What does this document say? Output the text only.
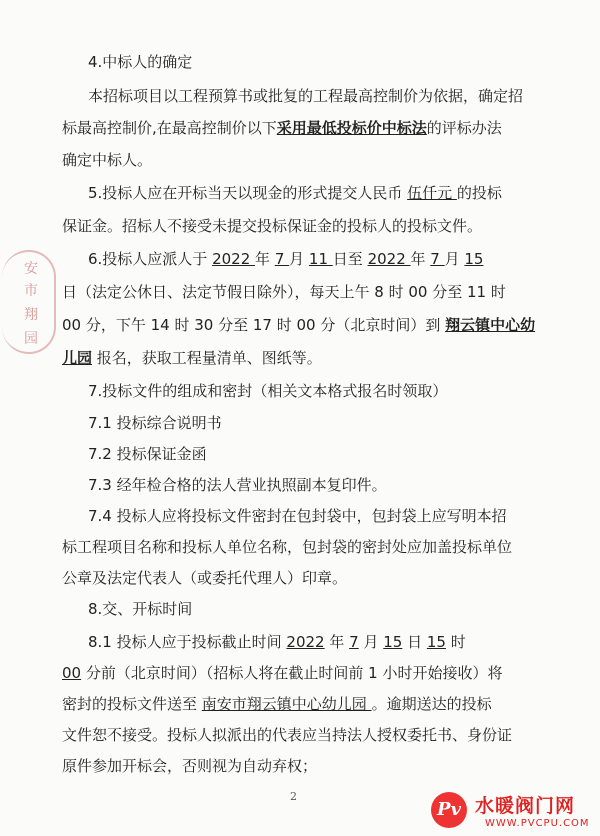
4.中标人的确定
本招标项目以工程预算书或批复的工程最高控制价为依据，确定招
标最高控制价,在最高控制价以下采用最低投标价中标法的评标办法
确定中标人。
5.投标人应在开标当天以现金的形式提交人民币 伍仟元 的投标
保证金。招标人不接受未提交投标保证金的投标人的投标文件。
6.投标人应派人于 2022 年 7 月 11 日至 2022 年 7 月 15
日（法定公休日、法定节假日除外），每天上午 8 时 00 分至 11 时
00 分，下午 14 时 30 分至 17 时 00 分（北京时间）到 翔云镇中心幼
儿园 报名，获取工程量清单、图纸等。
7.投标文件的组成和密封（相关文本格式报名时领取）
7.1 投标综合说明书
7.2 投标保证金函
7.3 经年检合格的法人营业执照副本复印件。
7.4 投标人应将投标文件密封在包封袋中，包封袋上应写明本招
标工程项目名称和投标人单位名称，包封袋的密封处应加盖投标单位
公章及法定代表人（或委托代理人）印章。
8.交、开标时间
8.1 投标人应于投标截止时间 2022 年 7 月 15 日 15 时
00 分前（北京时间）（招标人将在截止时间前 1 小时开始接收）将
密封的投标文件送至 南安市翔云镇中心幼儿园 。逾期送达的投标
文件恕不接受。投标人拟派出的代表应当持法人授权委托书、身份证
原件参加开标会，否则视为自动弃权；
安
市
翔
园
2
Pv 水暖阀门网
WWW.PVCPU.COM
